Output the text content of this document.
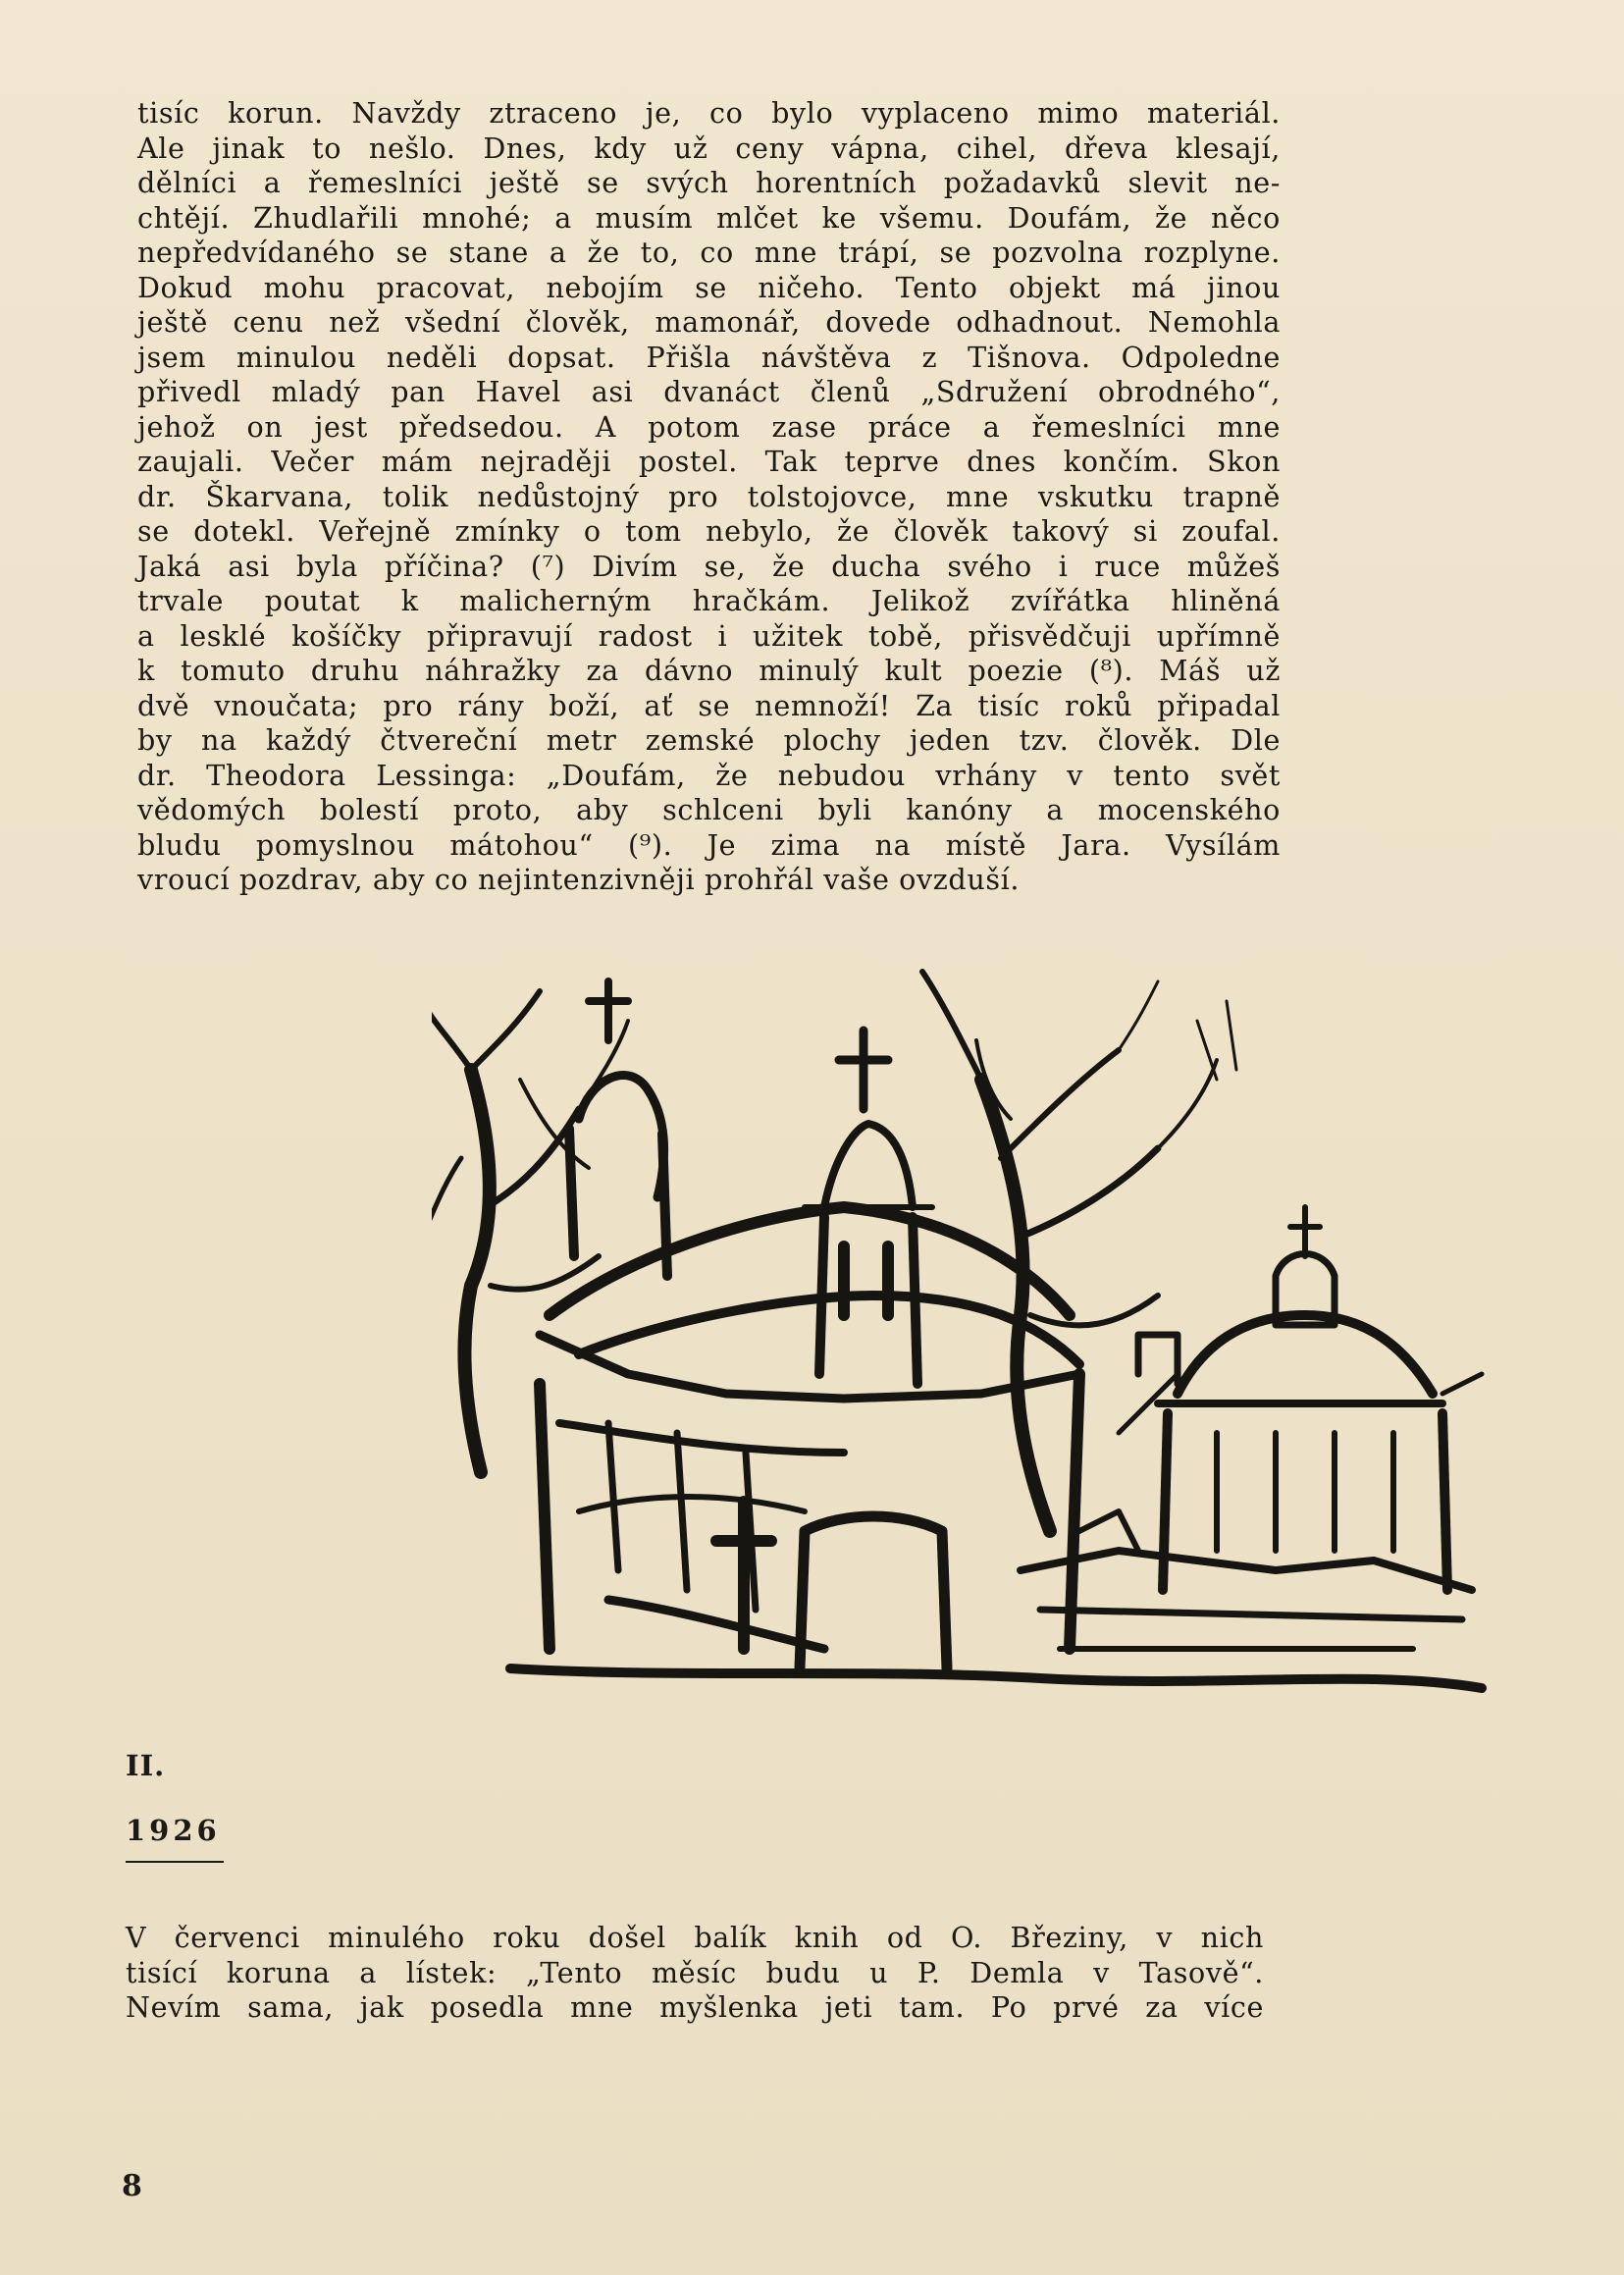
tisíc korun. Navždy ztraceno je, co bylo vyplaceno mimo materiál.

Ale jinak to nešlo. Dnes, kdy už ceny vápna, cihel, dřeva klesají,

dělníci a řemeslníci ještě se svých horentních požadavků slevit ne-

chtějí. Zhudlařili mnohé; a musím mlčet ke všemu. Doufám, že něco

nepředvídaného se stane a že to, co mne trápí, se pozvolna rozplyne.

Dokud mohu pracovat, nebojím se ničeho. Tento objekt má jinou

ještě cenu než všední člověk, mamonář, dovede odhadnout. Nemohla

jsem minulou neděli dopsat. Přišla návštěva z Tišnova. Odpoledne

přivedl mladý pan Havel asi dvanáct členů „Sdružení obrodného“,

jehož on jest předsedou. A potom zase práce a řemeslníci mne

zaujali. Večer mám nejraději postel. Tak teprve dnes končím. Skon

dr. Škarvana, tolik nedůstojný pro tolstojovce, mne vskutku trapně

se dotekl. Veřejně zmínky o tom nebylo, že člověk takový si zoufal.

Jaká asi byla příčina? (⁷) Divím se, že ducha svého i ruce můžeš

trvale poutat k malicherným hračkám. Jelikož zvířátka hliněná

a lesklé košíčky připravují radost i užitek tobě, přisvědčuji upřímně

k tomuto druhu náhražky za dávno minulý kult poezie (⁸). Máš už

dvě vnoučata; pro rány boží, ať se nemnoží! Za tisíc roků připadal

by na každý čtvereční metr zemské plochy jeden tzv. člověk. Dle

dr. Theodora Lessinga: „Doufám, že nebudou vrhány v tento svět

vědomých bolestí proto, aby schlceni byli kanóny a mocenského

bludu pomyslnou mátohou“ (⁹). Je zima na místě Jara. Vysílám

vroucí pozdrav, aby co nejintenzivněji prohřál vaše ovzduší.

II.
1926

V červenci minulého roku došel balík knih od O. Březiny, v nich

tisící koruna a lístek: „Tento měsíc budu u P. Demla v Tasově“.

Nevím sama, jak posedla mne myšlenka jeti tam. Po prvé za více

8
